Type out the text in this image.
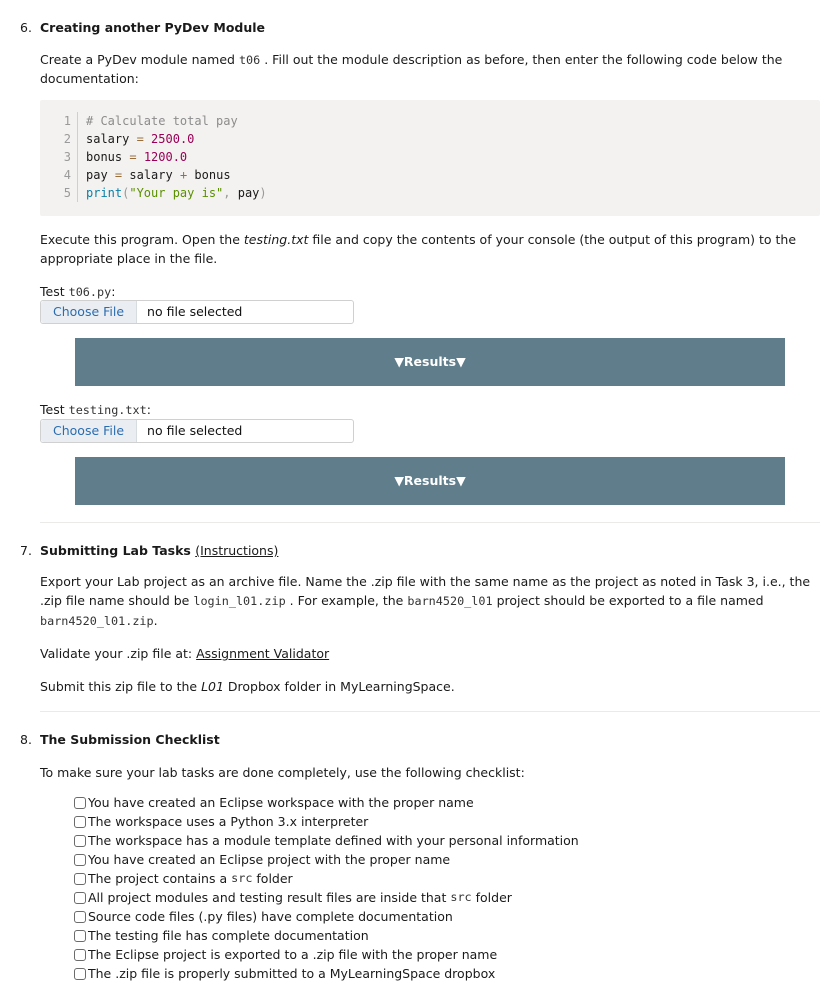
6. Creating another PyDev Module
Create a PyDev module named t06 . Fill out the module description as before, then enter the following code below the documentation:
1	# Calculate total pay
2	salary = 2500.0
3	bonus = 1200.0
4	pay = salary + bonus
5	print("Your pay is", pay)
Execute this program. Open the testing.txt file and copy the contents of your console (the output of this program) to the appropriate place in the file.
Test t06.py:
Choose File	no file selected
▼Results▼
Test testing.txt:
Choose File	no file selected
▼Results▼
7. Submitting Lab Tasks (Instructions)
Export your Lab project as an archive file. Name the .zip file with the same name as the project as noted in Task 3, i.e., the .zip file name should be login_l01.zip . For example, the barn4520_l01 project should be exported to a file named barn4520_l01.zip.
Validate your .zip file at: Assignment Validator
Submit this zip file to the L01 Dropbox folder in MyLearningSpace.
8. The Submission Checklist
To make sure your lab tasks are done completely, use the following checklist:
You have created an Eclipse workspace with the proper name
The workspace uses a Python 3.x interpreter
The workspace has a module template defined with your personal information
You have created an Eclipse project with the proper name
The project contains a src folder
All project modules and testing result files are inside that src folder
Source code files (.py files) have complete documentation
The testing file has complete documentation
The Eclipse project is exported to a .zip file with the proper name
The .zip file is properly submitted to a MyLearningSpace dropbox
